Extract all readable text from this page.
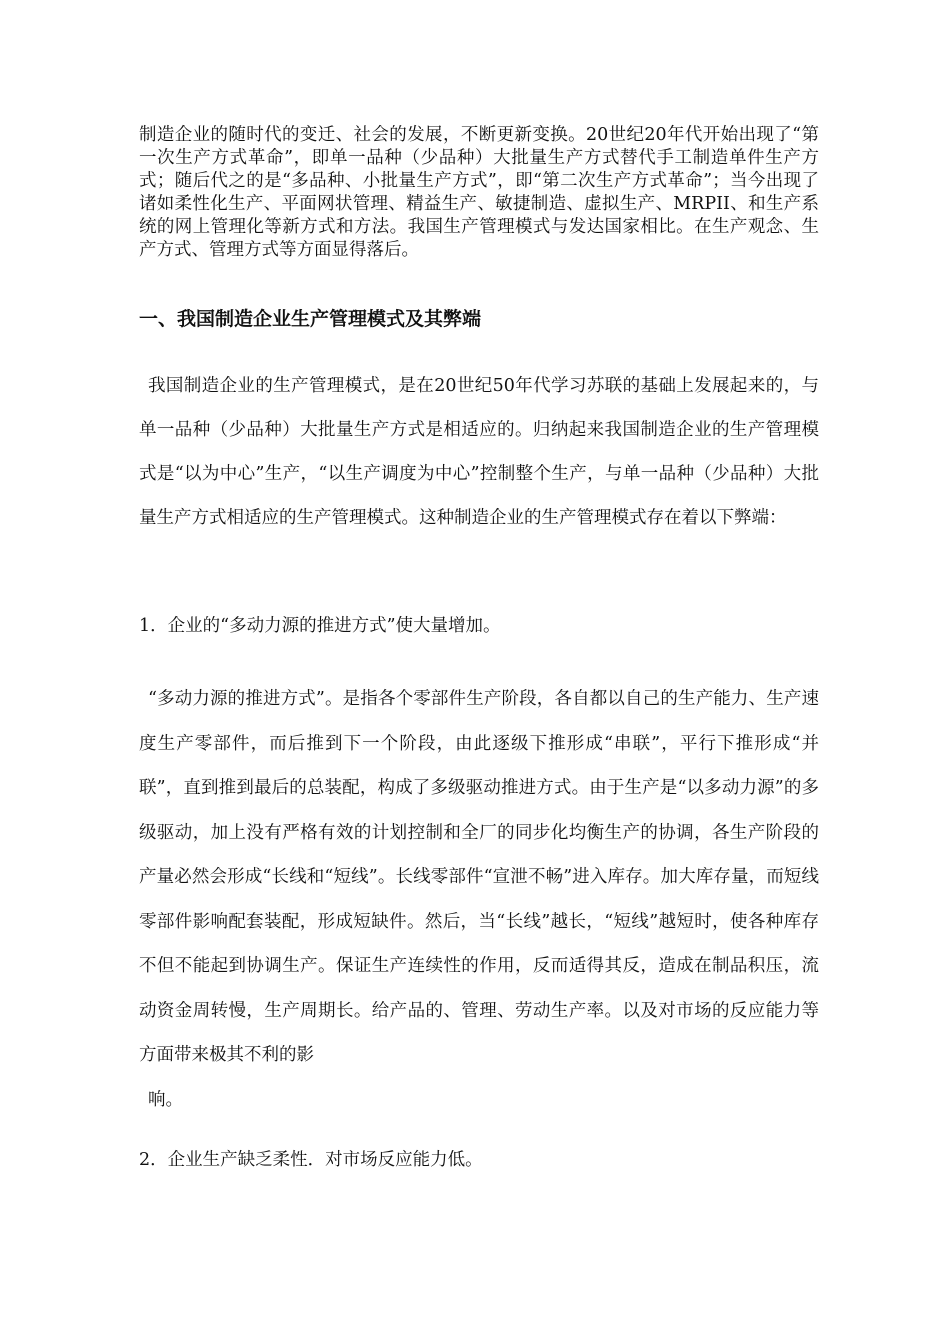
制造企业的随时代的变迁、社会的发展，不断更新变换。20世纪20年代开始出现了“第一次生产方式革命”，即单一品种（少品种）大批量生产方式替代手工制造单件生产方式；随后代之的是“多品种、小批量生产方式”，即“第二次生产方式革命”；当今出现了诸如柔性化生产、平面网状管理、精益生产、敏捷制造、虚拟生产、MRPII、和生产系统的网上管理化等新方式和方法。我国生产管理模式与发达国家相比。在生产观念、生产方式、管理方式等方面显得落后。

一、我国制造企业生产管理模式及其弊端

我国制造企业的生产管理模式，是在20世纪50年代学习苏联的基础上发展起来的，与单一品种（少品种）大批量生产方式是相适应的。归纳起来我国制造企业的生产管理模式是“以为中心”生产，“以生产调度为中心”控制整个生产，与单一品种（少品种）大批量生产方式相适应的生产管理模式。这种制造企业的生产管理模式存在着以下弊端：

1．企业的“多动力源的推进方式”使大量增加。

“多动力源的推进方式”。是指各个零部件生产阶段，各自都以自己的生产能力、生产速度生产零部件，而后推到下一个阶段，由此逐级下推形成“串联”，平行下推形成“并联”，直到推到最后的总装配，构成了多级驱动推进方式。由于生产是“以多动力源”的多级驱动，加上没有严格有效的计划控制和全厂的同步化均衡生产的协调，各生产阶段的产量必然会形成“长线和“短线”。长线零部件“宣泄不畅”进入库存。加大库存量，而短线零部件影响配套装配，形成短缺件。然后，当“长线”越长，“短线”越短时，使各种库存不但不能起到协调生产。保证生产连续性的作用，反而适得其反，造成在制品积压，流动资金周转慢，生产周期长。给产品的、管理、劳动生产率。以及对市场的反应能力等方面带来极其不利的影
响。

2．企业生产缺乏柔性．对市场反应能力低。
